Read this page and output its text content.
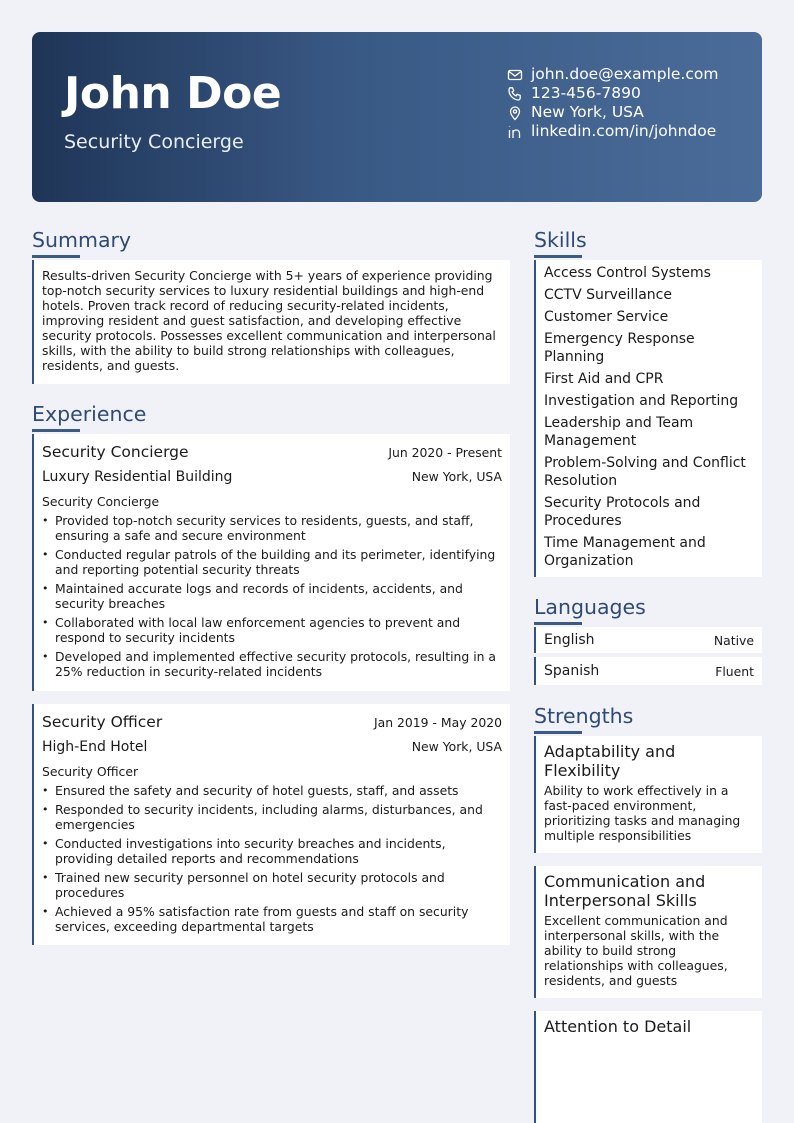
John Doe
Security Concierge
john.doe@example.com
123-456-7890
New York, USA
linkedin.com/in/johndoe
Summary
Results-driven Security Concierge with 5+ years of experience providing top-notch security services to luxury residential buildings and high-end hotels. Proven track record of reducing security-related incidents, improving resident and guest satisfaction, and developing effective security protocols. Possesses excellent communication and interpersonal skills, with the ability to build strong relationships with colleagues, residents, and guests.
Experience
Security Concierge	Jun 2020 - Present
Luxury Residential Building	New York, USA
Security Concierge
• Provided top-notch security services to residents, guests, and staff, ensuring a safe and secure environment
• Conducted regular patrols of the building and its perimeter, identifying and reporting potential security threats
• Maintained accurate logs and records of incidents, accidents, and security breaches
• Collaborated with local law enforcement agencies to prevent and respond to security incidents
• Developed and implemented effective security protocols, resulting in a 25% reduction in security-related incidents
Security Officer	Jan 2019 - May 2020
High-End Hotel	New York, USA
Security Officer
• Ensured the safety and security of hotel guests, staff, and assets
• Responded to security incidents, including alarms, disturbances, and emergencies
• Conducted investigations into security breaches and incidents, providing detailed reports and recommendations
• Trained new security personnel on hotel security protocols and procedures
• Achieved a 95% satisfaction rate from guests and staff on security services, exceeding departmental targets
Skills
Access Control Systems
CCTV Surveillance
Customer Service
Emergency Response Planning
First Aid and CPR
Investigation and Reporting
Leadership and Team Management
Problem-Solving and Conflict Resolution
Security Protocols and Procedures
Time Management and Organization
Languages
English	Native
Spanish	Fluent
Strengths
Adaptability and Flexibility
Ability to work effectively in a fast-paced environment, prioritizing tasks and managing multiple responsibilities
Communication and Interpersonal Skills
Excellent communication and interpersonal skills, with the ability to build strong relationships with colleagues, residents, and guests
Attention to Detail
